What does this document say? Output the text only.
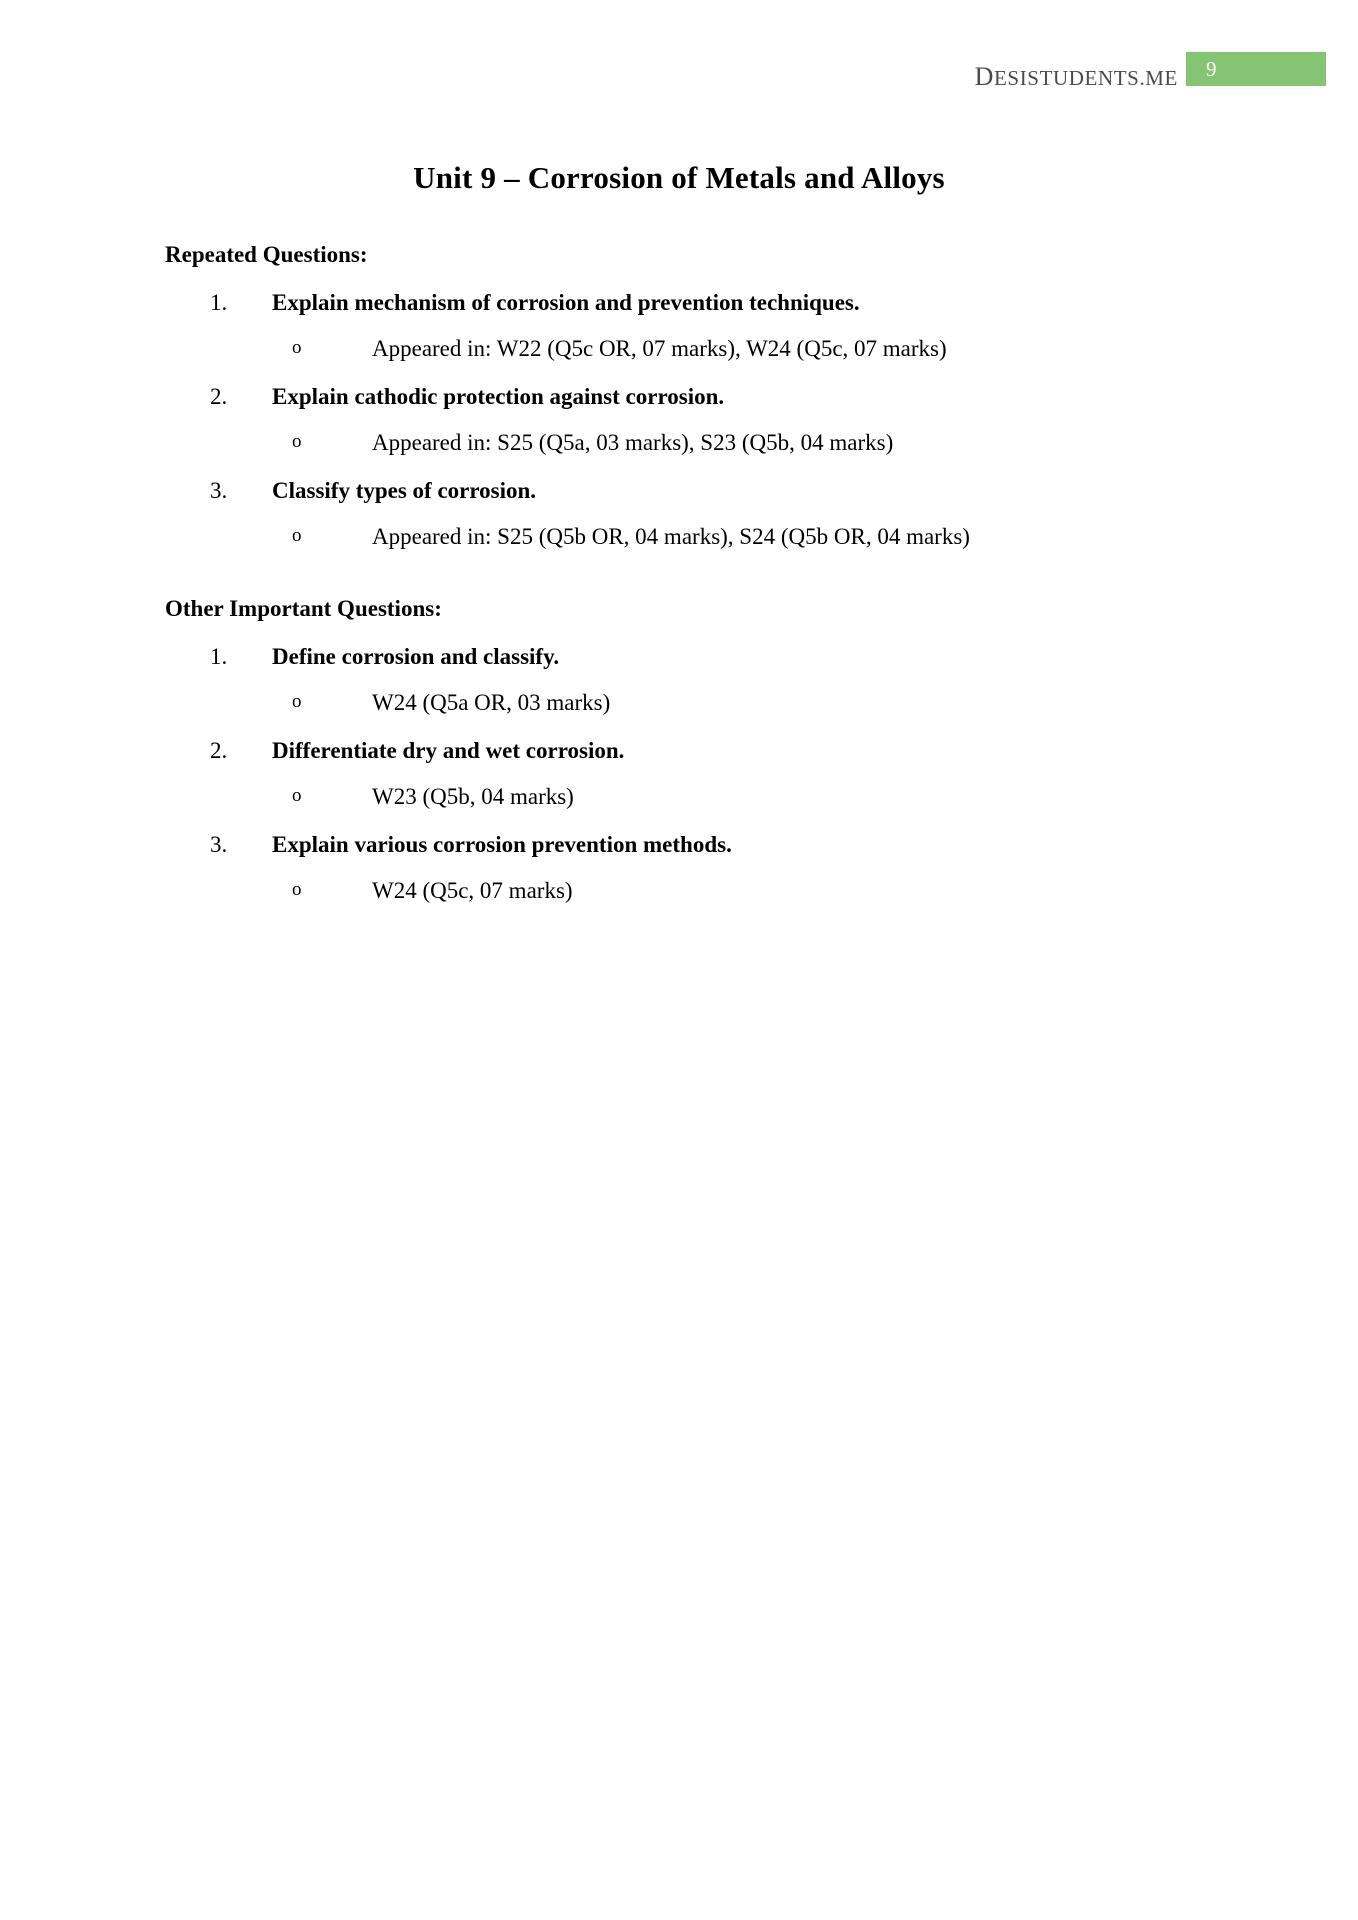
DESISTUDENTS.ME 9
Unit 9 – Corrosion of Metals and Alloys
Repeated Questions:
1. Explain mechanism of corrosion and prevention techniques.
o	Appeared in: W22 (Q5c OR, 07 marks), W24 (Q5c, 07 marks)
2. Explain cathodic protection against corrosion.
o	Appeared in: S25 (Q5a, 03 marks), S23 (Q5b, 04 marks)
3. Classify types of corrosion.
o	Appeared in: S25 (Q5b OR, 04 marks), S24 (Q5b OR, 04 marks)
Other Important Questions:
1. Define corrosion and classify.
o	W24 (Q5a OR, 03 marks)
2. Differentiate dry and wet corrosion.
o	W23 (Q5b, 04 marks)
3. Explain various corrosion prevention methods.
o	W24 (Q5c, 07 marks)
